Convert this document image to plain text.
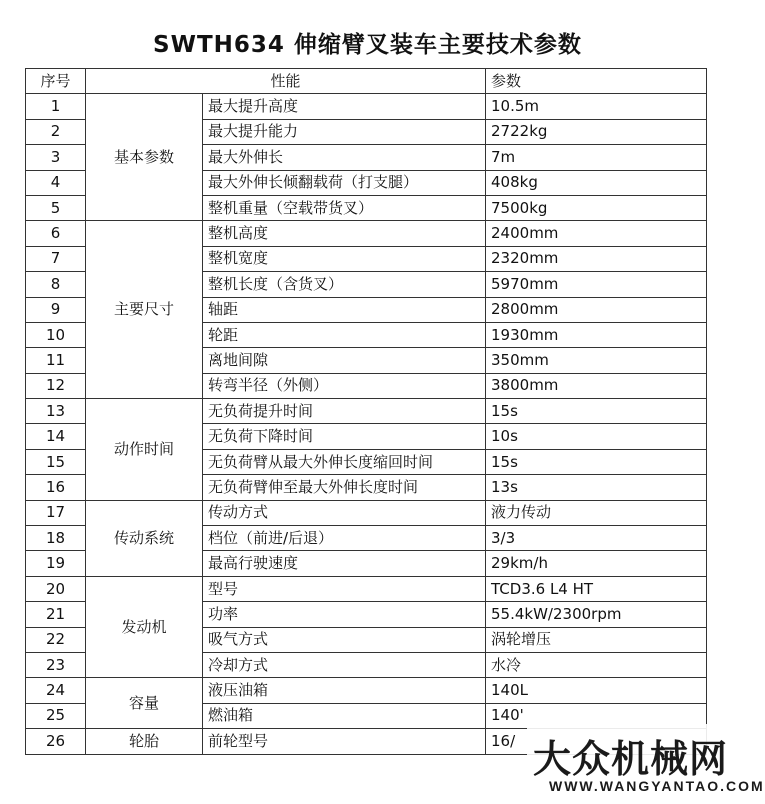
SWTH634 伸缩臂叉装车主要技术参数
序号	性能		参数
1	基本参数	最大提升高度	10.5m
2		最大提升能力	2722kg
3		最大外伸长	7m
4		最大外伸长倾翻载荷（打支腿）	408kg
5		整机重量（空载带货叉）	7500kg
6	主要尺寸	整机高度	2400mm
7		整机宽度	2320mm
8		整机长度（含货叉）	5970mm
9		轴距	2800mm
10		轮距	1930mm
11		离地间隙	350mm
12		转弯半径（外侧）	3800mm
13	动作时间	无负荷提升时间	15s
14		无负荷下降时间	10s
15		无负荷臂从最大外伸长度缩回时间	15s
16		无负荷臂伸至最大外伸长度时间	13s
17	传动系统	传动方式	液力传动
18		档位（前进/后退）	3/3
19		最高行驶速度	29km/h
20	发动机	型号	TCD3.6 L4 HT
21		功率	55.4kW/2300rpm
22		吸气方式	涡轮增压
23		冷却方式	水冷
24	容量	液压油箱	140L
25		燃油箱	140'
26	轮胎	前轮型号	16/ 大众机械网
WWW.WANGYANTAO.COM
